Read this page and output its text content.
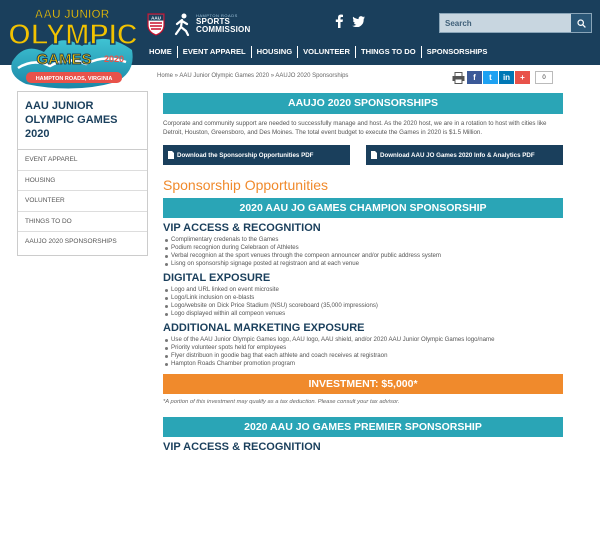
AAU	HAMPTON ROADS
SPORTS
COMMISSION
Search
HOME	EVENT APPAREL	HOUSING	VOLUNTEER	THINGS TO DO	SPONSORSHIPS
AAU JUNIOR
OLYMPIC
GAMES 2020
HAMPTON ROADS, VIRGINIA	Home » AAU Junior Olympic Games 2020 » AAUJO 2020 Sponsorships	f	t	in	+	0
AAU JUNIOR OLYMPIC GAMES 2020
EVENT APPAREL
HOUSING
VOLUNTEER
THINGS TO DO
AAUJO 2020 SPONSORSHIPS
AAUJO 2020 SPONSORSHIPS

Corporate and community support are needed to successfully manage and host. As the 2020 host, we are in a rotation to host with cities like Detroit, Houston, Greensboro, and Des Moines. The total event budget to execute the Games in 2020 is $1.5 Million.

Download the Sponsorship Opportunities PDF	Download AAU JO Games 2020 Info & Analytics PDF
Sponsorship Opportunities
2020 AAU JO GAMES CHAMPION SPONSORSHIP
VIP ACCESS & RECOGNITION
Complimentary credenals to the Games
Podium recognion during Celebraon of Athletes
Verbal recognion at the sport venues through the compeon announcer and/or public address system
Lisng on sponsorship signage posted at registraon and at each venue
DIGITAL EXPOSURE
Logo and URL linked on event microsite
Logo/Link inclusion on e-blasts
Logo/website on Dick Price Stadium (NSU) scoreboard (35,000 impressions)
Logo displayed within all compeon venues
ADDITIONAL MARKETING EXPOSURE
Use of the AAU Junior Olympic Games logo, AAU logo, AAU shield, and/or 2020 AAU Junior Olympic Games logo/name
Priority volunteer spots held for employees
Flyer distribuon in goodie bag that each athlete and coach receives at registraon
Hampton Roads Chamber promotion program
INVESTMENT: $5,000*
*A portion of this investment may qualify as a tax deduction. Please consult your tax advisor.
2020 AAU JO GAMES PREMIER SPONSORSHIP
VIP ACCESS & RECOGNITION
